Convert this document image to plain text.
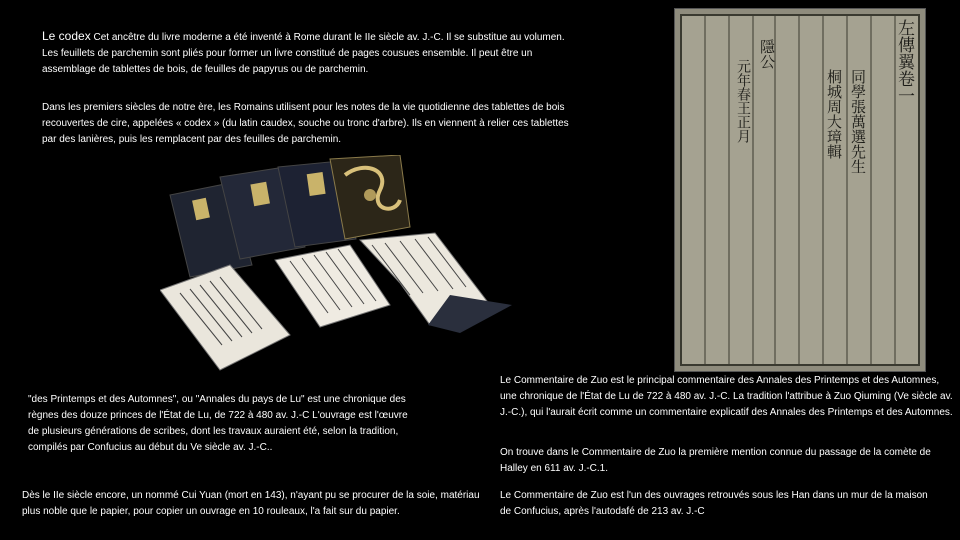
Le codex Cet ancêtre du livre moderne a été inventé à Rome durant le IIe siècle av. J.-C. Il se substitue au volumen. Les feuillets de parchemin sont pliés pour former un livre constitué de pages cousues ensemble. Il peut être un assemblage de tablettes de bois, de feuilles de papyrus ou de parchemin.
Dans les premiers siècles de notre ère, les Romains utilisent pour les notes de la vie quotidienne des tablettes de bois recouvertes de cire, appelées « codex » (du latin caudex, souche ou tronc d'arbre). Ils en viennent à relier ces tablettes par des lanières, puis les remplacent par des feuilles de parchemin.
左傳翼卷一
同學張萬選先生
桐城周大璋輯
隱公
元年春王正月
"des Printemps et des Automnes", ou "Annales du pays de Lu" est une chronique des règnes des douze princes de l'État de Lu, de 722 à 480 av. J.-C L'ouvrage est l'œuvre de plusieurs générations de scribes, dont les travaux auraient été, selon la tradition, compilés par Confucius au début du Ve siècle av. J.-C..
Dès le IIe siècle encore, un nommé Cui Yuan (mort en 143), n'ayant pu se procurer de la soie, matériau plus noble que le papier, pour copier un ouvrage en 10 rouleaux, l'a fait sur du papier.
Le Commentaire de Zuo est le principal commentaire des Annales des Printemps et des Automnes, une chronique de l'État de Lu de 722 à 480 av. J.-C. La tradition l'attribue à Zuo Qiuming (Ve siècle av. J.-C.), qui l'aurait écrit comme un commentaire explicatif des Annales des Printemps et des Automnes.
On trouve dans le Commentaire de Zuo la première mention connue du passage de la comète de Halley en 611 av. J.-C.1.
Le Commentaire de Zuo est l'un des ouvrages retrouvés sous les Han dans un mur de la maison de Confucius, après l'autodafé de 213 av. J.-C
